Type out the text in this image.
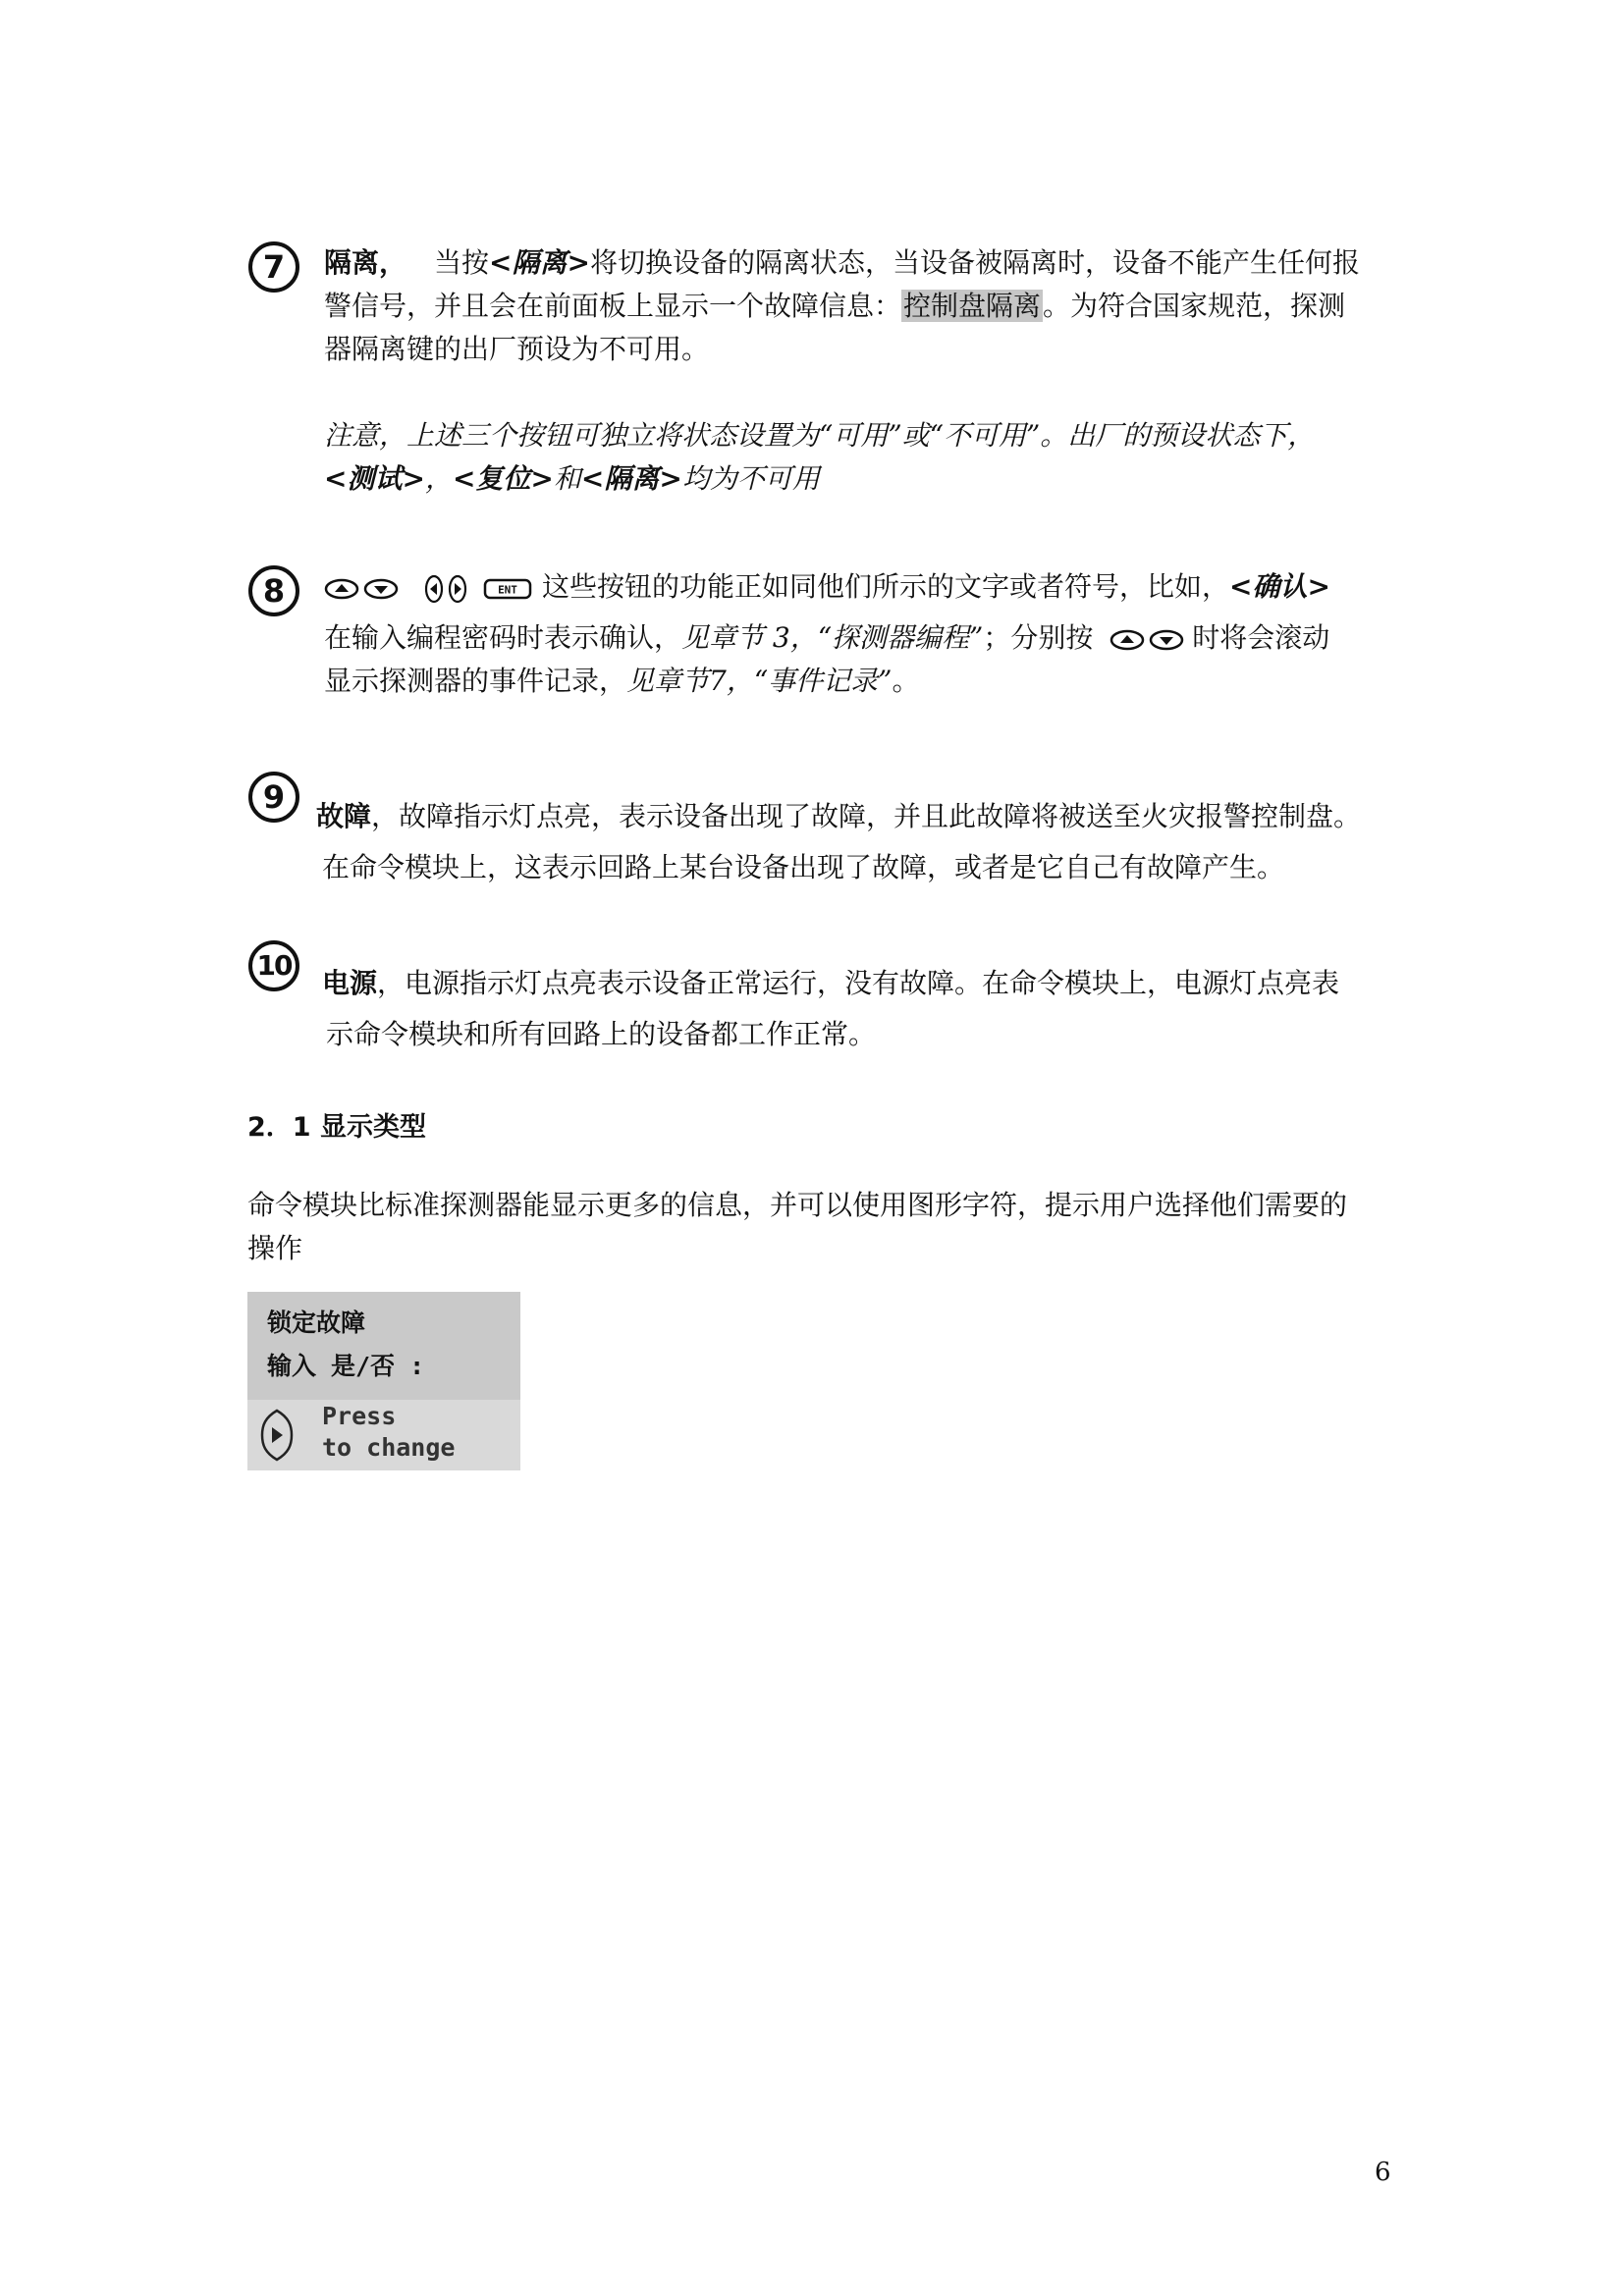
7 隔离， 当按<隔离>将切换设备的隔离状态，当设备被隔离时，设备不能产生任何报
警信号，并且会在前面板上显示一个故障信息：控制盘隔离。为符合国家规范，探测
器隔离键的出厂预设为不可用。
注意，上述三个按钮可独立将状态设置为“可用”或“不可用”。出厂的预设状态下，
<测试>，<复位>和<隔离>均为不可用
8	ENT 这些按钮的功能正如同他们所示的文字或者符号，比如，<确认>
在输入编程密码时表示确认，见章节 3，“探测器编程”；分别按	时将会滚动
显示探测器的事件记录，见章节7，“事件记录”。
9
故障，故障指示灯点亮，表示设备出现了故障，并且此故障将被送至火灾报警控制盘。
在命令模块上，这表示回路上某台设备出现了故障，或者是它自己有故障产生。
10
电源，电源指示灯点亮表示设备正常运行，没有故障。在命令模块上，电源灯点亮表
示命令模块和所有回路上的设备都工作正常。
2．1 显示类型
命令模块比标准探测器能显示更多的信息，并可以使用图形字符，提示用户选择他们需要的
操作
锁定故障
输入 是/否 :
Press
to change
6
